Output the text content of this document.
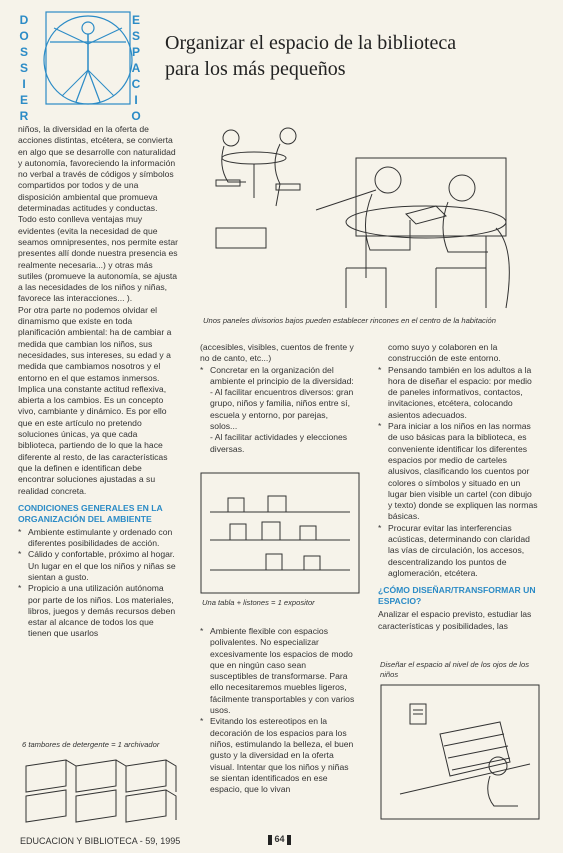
D
O
S
S
I
E
R
E
S
P
A
C
I
O
Organizar el espacio de la biblioteca
para los más pequeños

niños, la diversidad en la oferta de acciones distintas, etcétera, se convierta en algo que se desarrolle con naturalidad y autonomía, favoreciendo la información no verbal a través de códigos y símbolos compartidos por todos y de una disposición ambiental que promueva determinadas actitudes y conductas.

Todo esto conlleva ventajas muy evidentes (evita la necesidad de que seamos omnipresentes, nos permite estar presentes allí donde nuestra presencia es realmente necesaria...) y otras más sutiles (promueve la autonomía, se ajusta a las necesidades de los niños y niñas, favorece las interacciones... ).

Por otra parte no podemos olvidar el dinamismo que existe en toda planificación ambiental: ha de cambiar a medida que cambian los niños, sus necesidades, sus intereses, su edad y a medida que cambiamos nosotros y el entorno en el que estamos inmersos. Implica una constante actitud reflexiva, abierta a los cambios. Es un concepto vivo, cambiante y dinámico. Es por ello que en este artículo no pretendo soluciones únicas, ya que cada biblioteca, partiendo de lo que la hace diferente al resto, de las características que la definen e identifican debe encontrar soluciones ajustadas a su realidad concreta.

CONDICIONES GENERALES EN LA ORGANIZACIÓN DEL AMBIENTE

* Ambiente estimulante y ordenado con diferentes posibilidades de acción.

* Cálido y confortable, próximo al hogar. Un lugar en el que los niños y niñas se sientan a gusto.

* Propicio a una utilización autónoma por parte de los niños. Los materiales, libros, juegos y demás recursos deben estar al alcance de todos los que tienen que usarlos

Unos paneles divisorios bajos pueden establecer rincones en el centro de la habitación

(accesibles, visibles, cuentos de frente y no de canto, etc...)

* Concretar en la organización del ambiente el principio de la diversidad:

- Al facilitar encuentros diversos: gran grupo, niños y familia, niños entre sí, escuela y entorno, por parejas, solos...

- Al facilitar actividades y elecciones diversas.

Una tabla + listones = 1 expositor

* Ambiente flexible con espacios polivalentes. No especializar excesivamente los espacios de modo que en ningún caso sean susceptibles de transformarse. Para ello necesitaremos muebles ligeros, fácilmente transportables y con varios usos.

* Evitando los estereotipos en la decoración de los espacios para los niños, estimulando la belleza, el buen gusto y la diversidad en la oferta visual. Intentar que los niños y niñas se sientan identificados en ese espacio, que lo vivan

como suyo y colaboren en la construcción de este entorno.

* Pensando también en los adultos a la hora de diseñar el espacio: por medio de paneles informativos, contactos, invitaciones, etcétera, colocando asientos adecuados.

* Para iniciar a los niños en las normas de uso básicas para la biblioteca, es conveniente identificar los diferentes espacios por medio de carteles alusivos, clasificando los cuentos por colores o símbolos y situado en un lugar bien visible un cartel (con dibujo y texto) donde se expliquen las normas básicas.

* Procurar evitar las interferencias acústicas, determinando con claridad las vías de circulación, los accesos, descentralizando los puntos de aglomeración, etcétera.

¿CÓMO DISEÑAR/TRANSFORMAR UN ESPACIO?

Analizar el espacio previsto, estudiar las características y posibilidades, las

Diseñar el espacio al nivel de los ojos de los niños
6 tambores de detergente = 1 archivador
EDUCACION Y BIBLIOTECA - 59, 1995	64
